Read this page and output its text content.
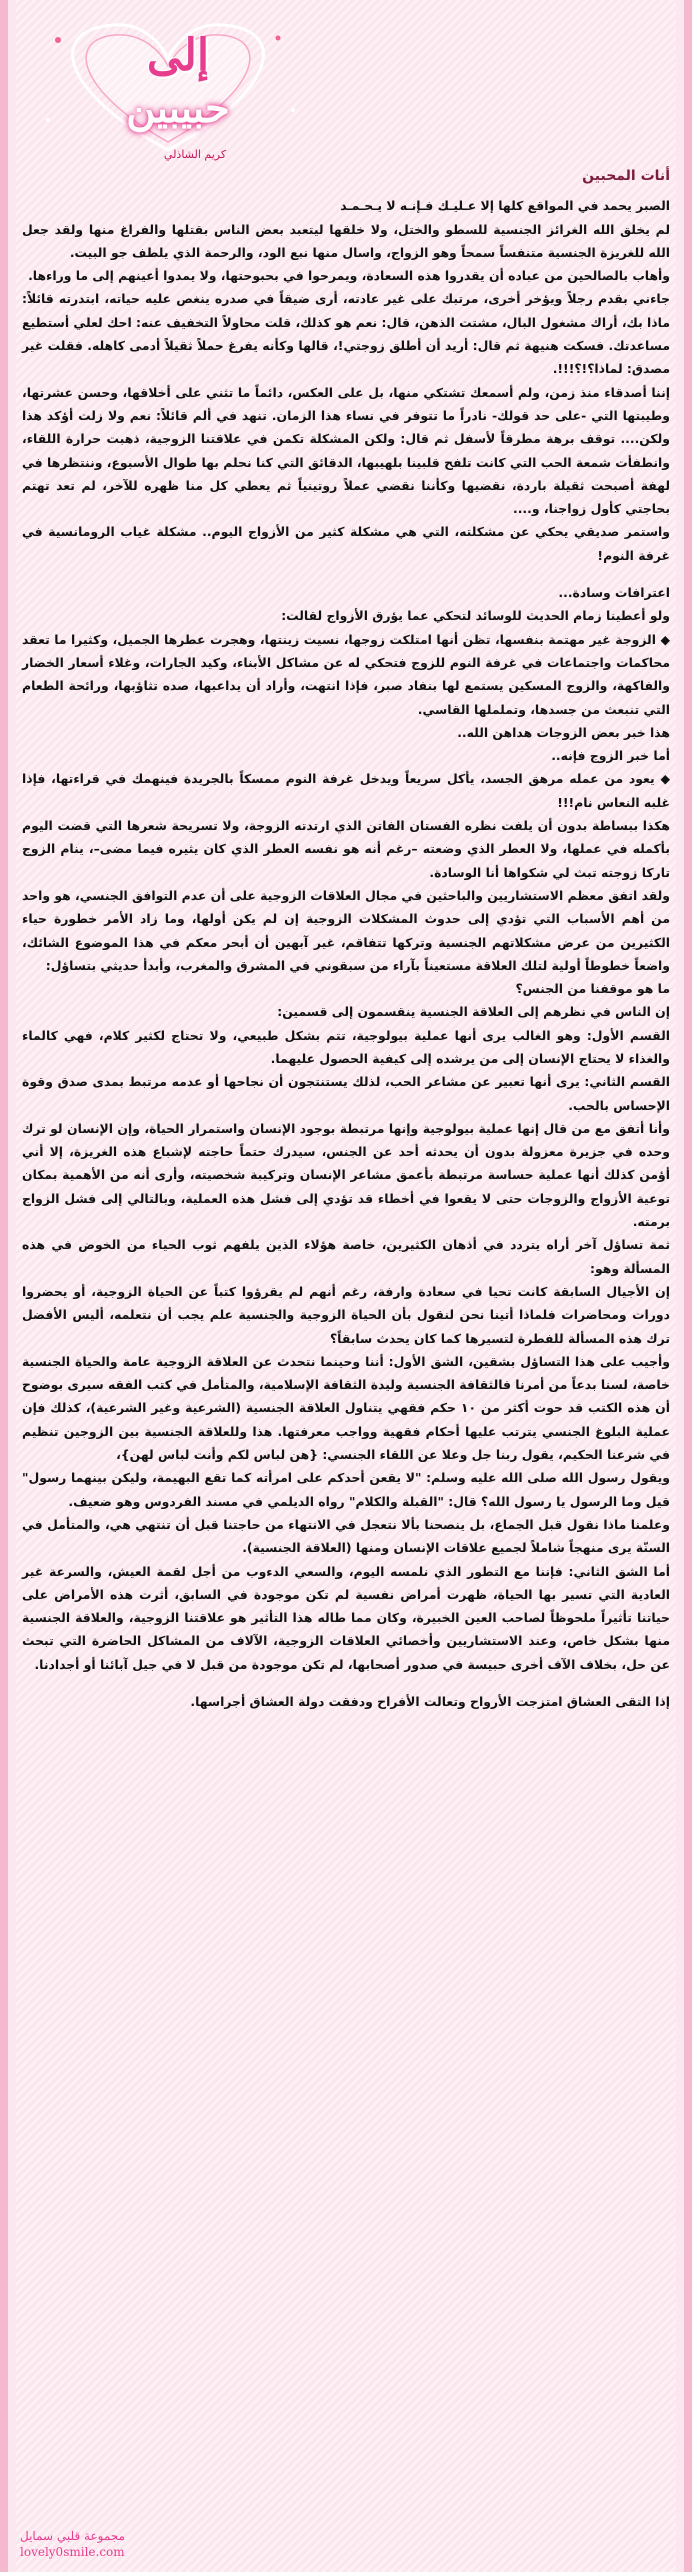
إلى
حبيبين
كريم الشاذلي
أنات المحبين

الصبر يحمد في المواقع كلها إلا عـليـك فـإنـه لا يـحـمـد

لم يخلق الله الغرائز الجنسية للسطو والختل، ولا خلقها ليتعبد بعض الناس بقتلها والفراغ منها ولقد جعل الله للغريزة الجنسية متنفساً سمحاً وهو الزواج، واسال منها نبع الود، والرحمة الذي يلطف جو البيت.

وأهاب بالصالحين من عباده أن يقدروا هذه السعادة، ويمرحوا في بحبوحتها، ولا يمدوا أعينهم إلى ما وراءها.

جاءني بقدم رجلاً ويؤخر أخرى، مرتبك على غير عادته، أرى ضيقاً في صدره ينغص عليه حياته، ابتدرته قائلاً: ماذا بك، أراك مشغول البال، مشتت الذهن، قال: نعم هو كذلك، قلت محاولاً التخفيف عنه: احك لعلي أستطيع مساعدتك. فسكت هنيهة ثم قال: أريد أن أطلق زوجتي!، قالها وكأنه يفرغ حملاً ثقيلاً أدمى كاهله. فقلت غير مصدق: لماذا؟!؟!!!.

إننا أصدقاء منذ زمن، ولم أسمعك تشتكي منها، بل على العكس، دائماً ما تثني على أخلاقها، وحسن عشرتها، وطيبتها التي -على حد قولك- نادراً ما تتوفر في نساء هذا الزمان. تنهد في ألم قائلاً: نعم ولا زلت أؤكد هذا ولكن.... توقف برهة مطرقاً لأسفل ثم قال: ولكن المشكلة تكمن في علاقتنا الزوجية، ذهبت حرارة اللقاء، وانطفأت شمعة الحب التي كانت تلفح قلبينا بلهيبها، الدقائق التي كنا نحلم بها طوال الأسبوع، وننتظرها في لهفة أصبحت ثقيلة باردة، نقضيها وكأننا نقضي عملاً روتينياً ثم يعطي كل منا ظهره للآخر، لم تعد تهتم بحاجتي كأول زواجنا، و....

واستمر صديقي يحكي عن مشكلته، التي هي مشكلة كثير من الأزواج اليوم.. مشكلة غياب الرومانسية في غرفة النوم!

اعترافات وسادة...

ولو أعطينا زمام الحديث للوسائد لتحكي عما يؤرق الأزواج لقالت:

◆ الزوجة غير مهتمة بنفسها، تظن أنها امتلكت زوجها، نسيت زينتها، وهجرت عطرها الجميل، وكثيرا ما تعقد محاكمات واجتماعات في غرفة النوم للزوج فتحكي له عن مشاكل الأبناء، وكيد الجارات، وغلاء أسعار الخضار والفاكهة، والزوج المسكين يستمع لها بنفاد صبر، فإذا انتهت، وأراد أن يداعبها، صده تثاؤبها، ورائحة الطعام التي تنبعث من جسدها، وتململها القاسي.

هذا خبر بعض الزوجات هداهن الله..

أما خبر الزوج فإنه..

◆ يعود من عمله مرهق الجسد، يأكل سريعاً ويدخل غرفة النوم ممسكاً بالجريدة فينهمك في قراءتها، فإذا غلبه النعاس نام!!!

هكذا ببساطة بدون أن يلفت نظره الفستان الفاتن الذي ارتدته الزوجة، ولا تسريحة شعرها التي قضت اليوم بأكمله في عملها، ولا العطر الذي وضعته –رغم أنه هو نفسه العطر الذي كان يثيره فيما مضى–، ينام الزوج تاركا زوجته تبث لي شكواها أنا الوسادة.

ولقد اتفق معظم الاستشاريين والباحثين في مجال العلاقات الزوجية على أن عدم التوافق الجنسي، هو واحد من أهم الأسباب التي تؤدي إلى حدوث المشكلات الزوجية إن لم يكن أولها، وما زاد الأمر خطورة حياء الكثيرين من عرض مشكلاتهم الجنسية وتركها تتفاقم، غير آبهين أن أبحر معكم في هذا الموضوع الشائك، واضعاً خطوطاً أولية لتلك العلاقة مستعيناً بآراء من سبقوني في المشرق والمغرب، وأبدأ حديثي بتساؤل:

ما هو موقفنا من الجنس؟

إن الناس في نظرهم إلى العلاقة الجنسية ينقسمون إلى قسمين:

القسم الأول: وهو الغالب يرى أنها عملية بيولوجية، تتم بشكل طبيعي، ولا تحتاج لكثير كلام، فهي كالماء والغذاء لا يحتاج الإنسان إلى من يرشده إلى كيفية الحصول عليهما.

القسم الثاني: يرى أنها تعبير عن مشاعر الحب، لذلك يستنتجون أن نجاحها أو عدمه مرتبط بمدى صدق وقوة الإحساس بالحب.

وأنا أتفق مع من قال إنها عملية بيولوجية وإنها مرتبطة بوجود الإنسان واستمرار الحياة، وإن الإنسان لو ترك وحده في جزيرة معزولة بدون أن يحدثه أحد عن الجنس، سيدرك حتماً حاجته لإشباع هذه الغريزة، إلا أني أؤمن كذلك أنها عملية حساسة مرتبطة بأعمق مشاعر الإنسان وتركيبة شخصيته، وأرى أنه من الأهمية بمكان توعية الأزواج والزوجات حتى لا يقعوا في أخطاء قد تؤدي إلى فشل هذه العملية، وبالتالي إلى فشل الزواج برمته.

ثمة تساؤل آخر أراه يتردد في أذهان الكثيرين، خاصة هؤلاء الذين يلفهم ثوب الحياء من الخوض في هذه المسألة وهو:

إن الأجيال السابقة كانت تحيا في سعادة وارفة، رغم أنهم لم يقرؤوا كتباً عن الحياة الزوجية، أو يحضروا دورات ومحاضرات فلماذا أتينا نحن لنقول بأن الحياة الزوجية والجنسية علم يجب أن نتعلمه، أليس الأفضل ترك هذه المسألة للفطرة لتسيرها كما كان يحدث سابقاً؟

وأجيب على هذا التساؤل بشقين، الشق الأول: أننا وحينما نتحدث عن العلاقة الزوجية عامة والحياة الجنسية خاصة، لسنا بدعاً من أمرنا فالثقافة الجنسية وليدة الثقافة الإسلامية، والمتأمل في كتب الفقه سيرى بوضوح أن هذه الكتب قد حوت أكثر من ١٠ حكم فقهي يتناول العلاقة الجنسية (الشرعية وغير الشرعية)، كذلك فإن عملية البلوغ الجنسي يترتب عليها أحكام فقهية وواجب معرفتها. هذا وللعلاقة الجنسية بين الزوجين تنظيم في شرعنا الحكيم، يقول ربنا جل وعلا عن اللقاء الجنسي: {هن لباس لكم وأنت لباس لهن}،

ويقول رسول الله صلى الله عليه وسلم: "لا يقعن أحدكم على امرأته كما تقع البهيمة، وليكن بينهما رسول" قيل وما الرسول يا رسول الله؟ قال: "القبلة والكلام" رواه الديلمي في مسند الفردوس وهو ضعيف.

وعلمنا ماذا نقول قبل الجماع، بل ينصحنا بألا نتعجل في الانتهاء من حاجتنا قبل أن تنتهي هي، والمتأمل في السنّة يرى منهجاً شاملاً لجميع علاقات الإنسان ومنها (العلاقة الجنسية).

أما الشق الثاني: فإننا مع التطور الذي نلمسه اليوم، والسعي الدءوب من أجل لقمة العيش، والسرعة غير العادية التي تسير بها الحياة، ظهرت أمراض نفسية لم تكن موجودة في السابق، أثرت هذه الأمراض على حياتنا تأثيراً ملحوظاً لصاحب العين الخبيرة، وكان مما طاله هذا التأثير هو علاقتنا الزوجية، والعلاقة الجنسية منها بشكل خاص، وعند الاستشاريين وأخصائي العلاقات الزوجية، الآلاف من المشاكل الحاضرة التي تبحث عن حل، بخلاف الآف أخرى حبيسة في صدور أصحابها، لم تكن موجودة من قبل لا في جيل آبائنا أو أجدادنا.

إذا التقى العشاق امتزجت الأرواح وتعالت الأفراح ودفقت دولة العشاق أجراسها.

مجموعة قلبي سمايل
lovely0smile.com
